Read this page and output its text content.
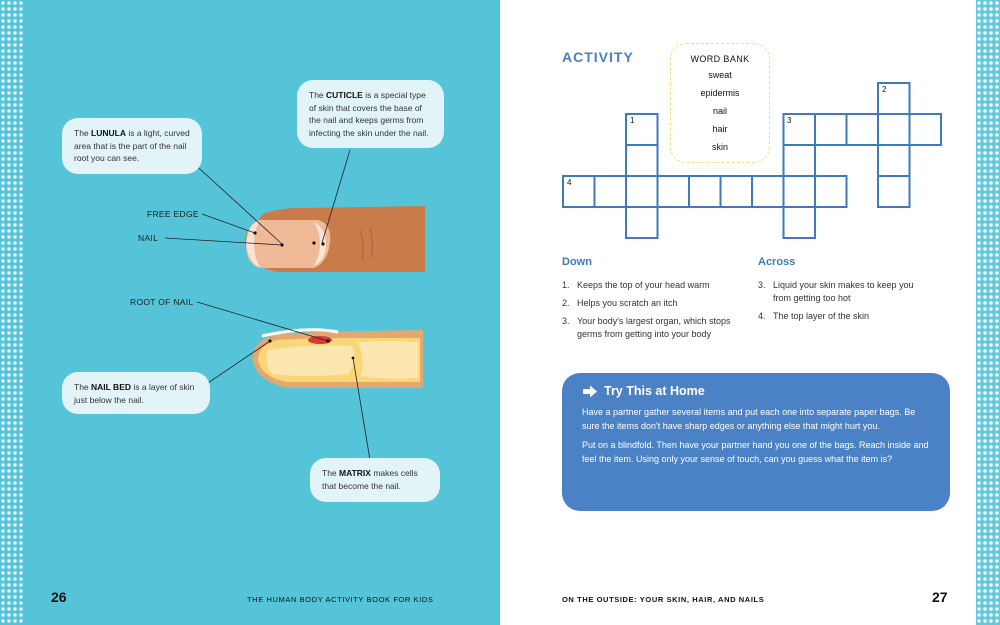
The LUNULA is a light, curved area that is the part of the nail root you can see.
The CUTICLE is a special type of skin that covers the base of the nail and keeps germs from infecting the skin under the nail.
The NAIL BED is a layer of skin just below the nail.
The MATRIX makes cells that become the nail.
FREE EDGE
NAIL
ROOT OF NAIL
26	THE HUMAN BODY ACTIVITY BOOK FOR KIDS
ACTIVITY
1
2
3
4
WORD BANK
sweat
epidermis
nail
hair
skin
Down
1. Keeps the top of your head warm
2. Helps you scratch an itch
3. Your body's largest organ, which stops germs from getting into your body
Across
3. Liquid your skin makes to keep you from getting too hot
4. The top layer of the skin
Try This at Home

Have a partner gather several items and put each one into separate paper bags. Be sure the items don't have sharp edges or anything else that might hurt you.

Put on a blindfold. Then have your partner hand you one of the bags. Reach inside and feel the item. Using only your sense of touch, can you guess what the item is?

ON THE OUTSIDE: YOUR SKIN, HAIR, AND NAILS	27
